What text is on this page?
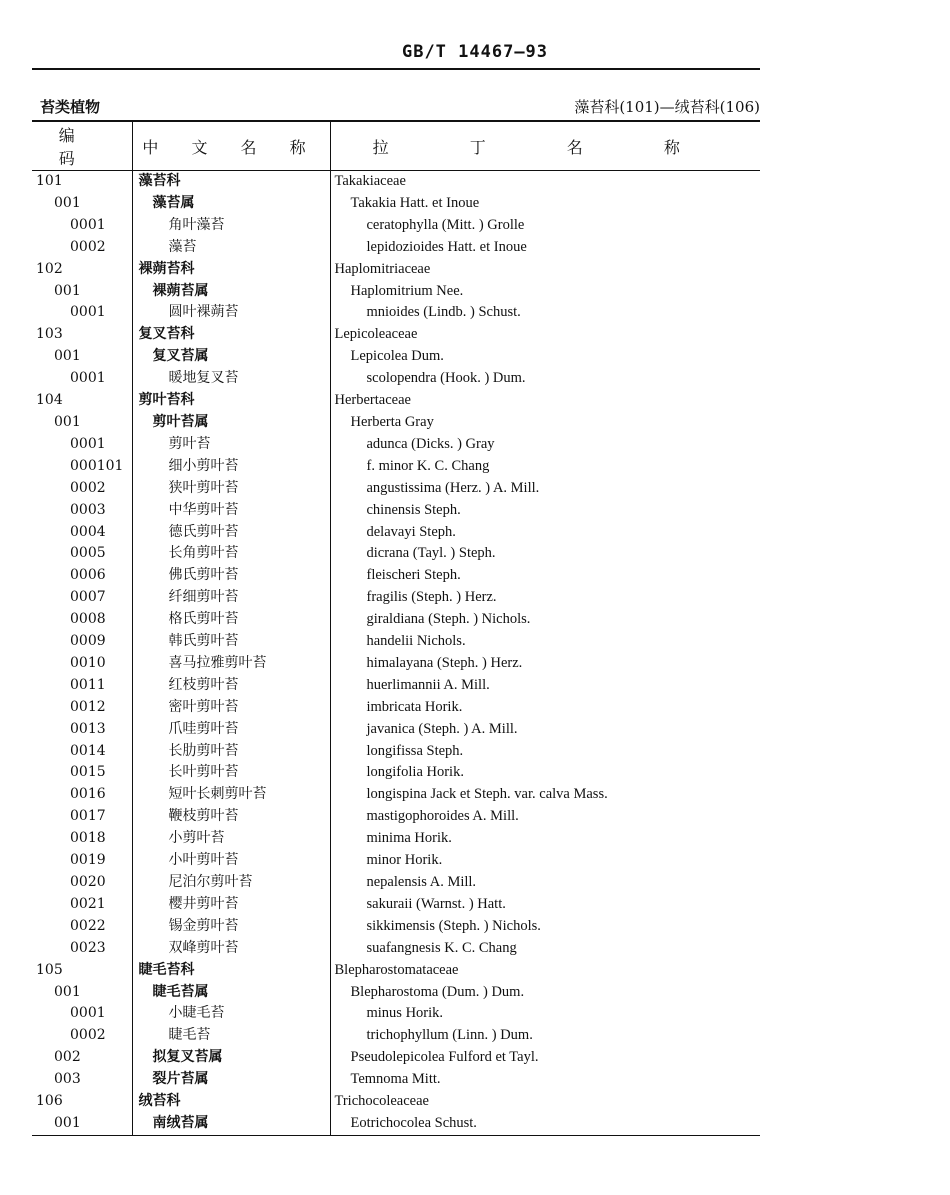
GB/T 14467—93
苔类植物	藻苔科(101)—绒苔科(106)
编 码	中 文 名 称	拉 丁 名 称
101	藻苔科	Takakiaceae
001	藻苔属	Takakia Hatt. et Inoue
0001	角叶藻苔	ceratophylla (Mitt. ) Grolle
0002	藻苔	lepidozioides Hatt. et Inoue
102	裸蒴苔科	Haplomitriaceae
001	裸蒴苔属	Haplomitrium Nee.
0001	圆叶裸蒴苔	mnioides (Lindb. ) Schust.
103	复叉苔科	Lepicoleaceae
001	复叉苔属	Lepicolea Dum.
0001	暖地复叉苔	scolopendra (Hook. ) Dum.
104	剪叶苔科	Herbertaceae
001	剪叶苔属	Herberta Gray
0001	剪叶苔	adunca (Dicks. ) Gray
000101	细小剪叶苔	f. minor K. C. Chang
0002	狭叶剪叶苔	angustissima (Herz. ) A. Mill.
0003	中华剪叶苔	chinensis Steph.
0004	德氏剪叶苔	delavayi Steph.
0005	长角剪叶苔	dicrana (Tayl. ) Steph.
0006	佛氏剪叶苔	fleischeri Steph.
0007	纤细剪叶苔	fragilis (Steph. ) Herz.
0008	格氏剪叶苔	giraldiana (Steph. ) Nichols.
0009	韩氏剪叶苔	handelii Nichols.
0010	喜马拉雅剪叶苔	himalayana (Steph. ) Herz.
0011	红枝剪叶苔	huerlimannii A. Mill.
0012	密叶剪叶苔	imbricata Horik.
0013	爪哇剪叶苔	javanica (Steph. ) A. Mill.
0014	长肋剪叶苔	longifissa Steph.
0015	长叶剪叶苔	longifolia Horik.
0016	短叶长刺剪叶苔	longispina Jack et Steph. var. calva Mass.
0017	鞭枝剪叶苔	mastigophoroides A. Mill.
0018	小剪叶苔	minima Horik.
0019	小叶剪叶苔	minor Horik.
0020	尼泊尔剪叶苔	nepalensis A. Mill.
0021	樱井剪叶苔	sakuraii (Warnst. ) Hatt.
0022	锡金剪叶苔	sikkimensis (Steph. ) Nichols.
0023	双峰剪叶苔	suafangnesis K. C. Chang
105	睫毛苔科	Blepharostomataceae
001	睫毛苔属	Blepharostoma (Dum. ) Dum.
0001	小睫毛苔	minus Horik.
0002	睫毛苔	trichophyllum (Linn. ) Dum.
002	拟复叉苔属	Pseudolepicolea Fulford et Tayl.
003	裂片苔属	Temnoma Mitt.
106	绒苔科	Trichocoleaceae
001	南绒苔属	Eotrichocolea Schust.
